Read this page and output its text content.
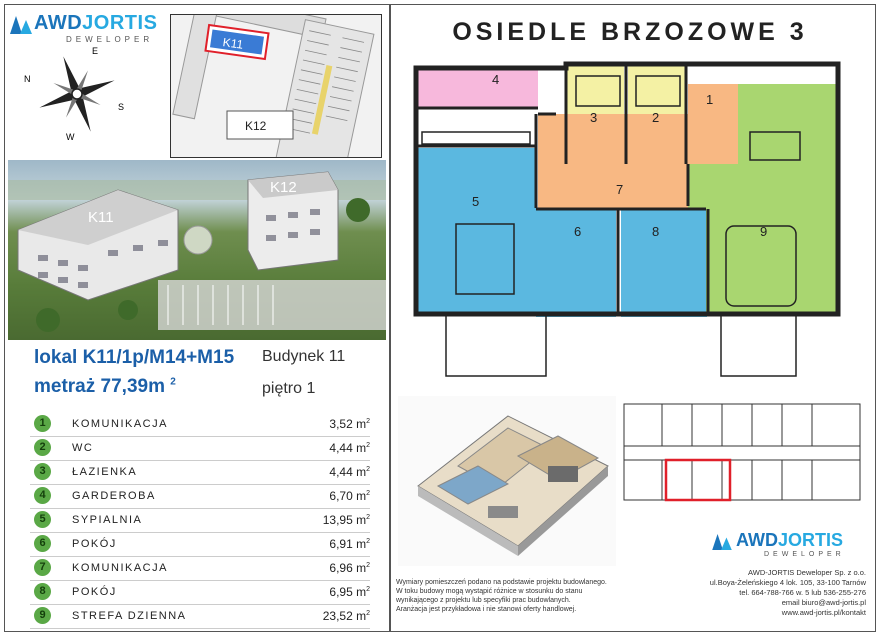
AWDJORTIS
DEWELOPER
E
N
S
W
K11
K12
K11
K12
lokal K11/1p/M14+M15
metraż 77,39m $^2$
Budynek 11
piętro 1
1	KOMUNIKACJA	3,52 $m^2$
2	WC	4,44 $m^2$
3	ŁAZIENKA	4,44 $m^2$
4	GARDEROBA	6,70 $m^2$
5	SYPIALNIA	13,95 $m^2$
6	POKÓJ	6,91 $m^2$
7	KOMUNIKACJA	6,96 $m^2$
8	POKÓJ	6,95 $m^2$
9	STREFA DZIENNA	23,52 $m^2$
OSIEDLE BRZOZOWE 3
1
2
3
4
5
6
7
8	9
AWDJORTIS
DEWELOPER
Wymiary pomieszczeń podano na podstawie projektu budowlanego.
W toku budowy mogą wystąpić różnice w stosunku do stanu
wynikającego z projektu lub specyfiki prac budowlanych.
Aranżacja jest przykładowa i nie stanowi oferty handlowej.
AWD-JORTIS Deweloper Sp. z o.o.
ul.Boya-Żeleńskiego 4 lok. 105, 33-100 Tarnów
tel. 664-788-766 w. 5 lub 536-255-276
email biuro@awd-jortis.pl
www.awd-jortis.pl/kontakt
